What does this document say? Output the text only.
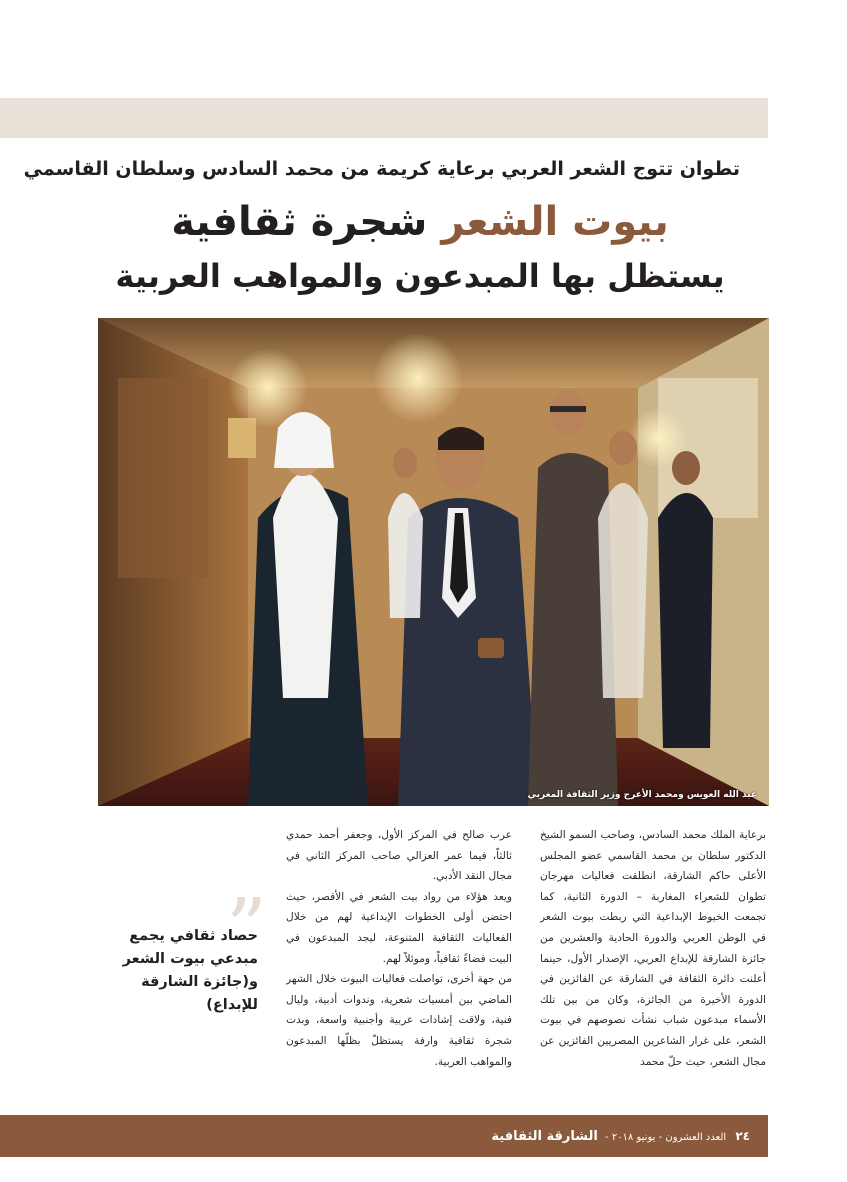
تطوان تتوج الشعر العربي برعاية كريمة من محمد السادس وسلطان القاسمي
بيوت الشعر شجرة ثقافية
يستظل بها المبدعون والمواهب العربية
عبد الله العويس ومحمد الأعرج وزير الثقافة المغربي

برعاية الملك محمد السادس، وصاحب السمو الشيخ الدكتور سلطان بن محمد القاسمي عضو المجلس الأعلى حاكم الشارقة، انطلقت فعاليات مهرجان تطوان للشعراء المغاربة – الدورة الثانية، كما تجمعت الخيوط الإبداعية التي ربطت بيوت الشعر في الوطن العربي والدورة الحادية والعشرين من جائزة الشارقة للإبداع العربي، الإصدار الأول، حينما أعلنت دائرة الثقافة في الشارقة عن الفائزين في الدورة الأخيرة من الجائزة، وكان من بين تلك الأسماء مبدعون شباب نشأت نصوصهم في بيوت الشعر، على غرار الشاعرين المصريين الفائزين عن مجال الشعر، حيث حلّ محمد

عرب صالح في المركز الأول، وجعفر أحمد حمدي ثالثاً، فيما عمر العزالي صاحب المركز الثاني في مجال النقد الأدبي.

ويعد هؤلاء من رواد بيت الشعر في الأقصر، حيث احتضن أولى الخطوات الإبداعية لهم من خلال الفعاليات الثقافية المتنوعة، ليجد المبدعون في البيت فضاءً ثقافياً، وموئلاً لهم.

من جهة أخرى، تواصلت فعاليات البيوت خلال الشهر الماضي بين أمسيات شعرية، وندوات أدبية، وليال فنية، ولاقت إشادات عربية وأجنبية واسعة، وبدت شجرة ثقافية وارفة يستظلّ بظلّها المبدعون والمواهب العربية.

”
حصاد ثقافي يجمع مبدعي بيوت الشعر و(جائزة الشارقة للإبداع)
٢٤ العدد العشرون - يونيو ٢٠١٨ - الشارقة الثقافية
